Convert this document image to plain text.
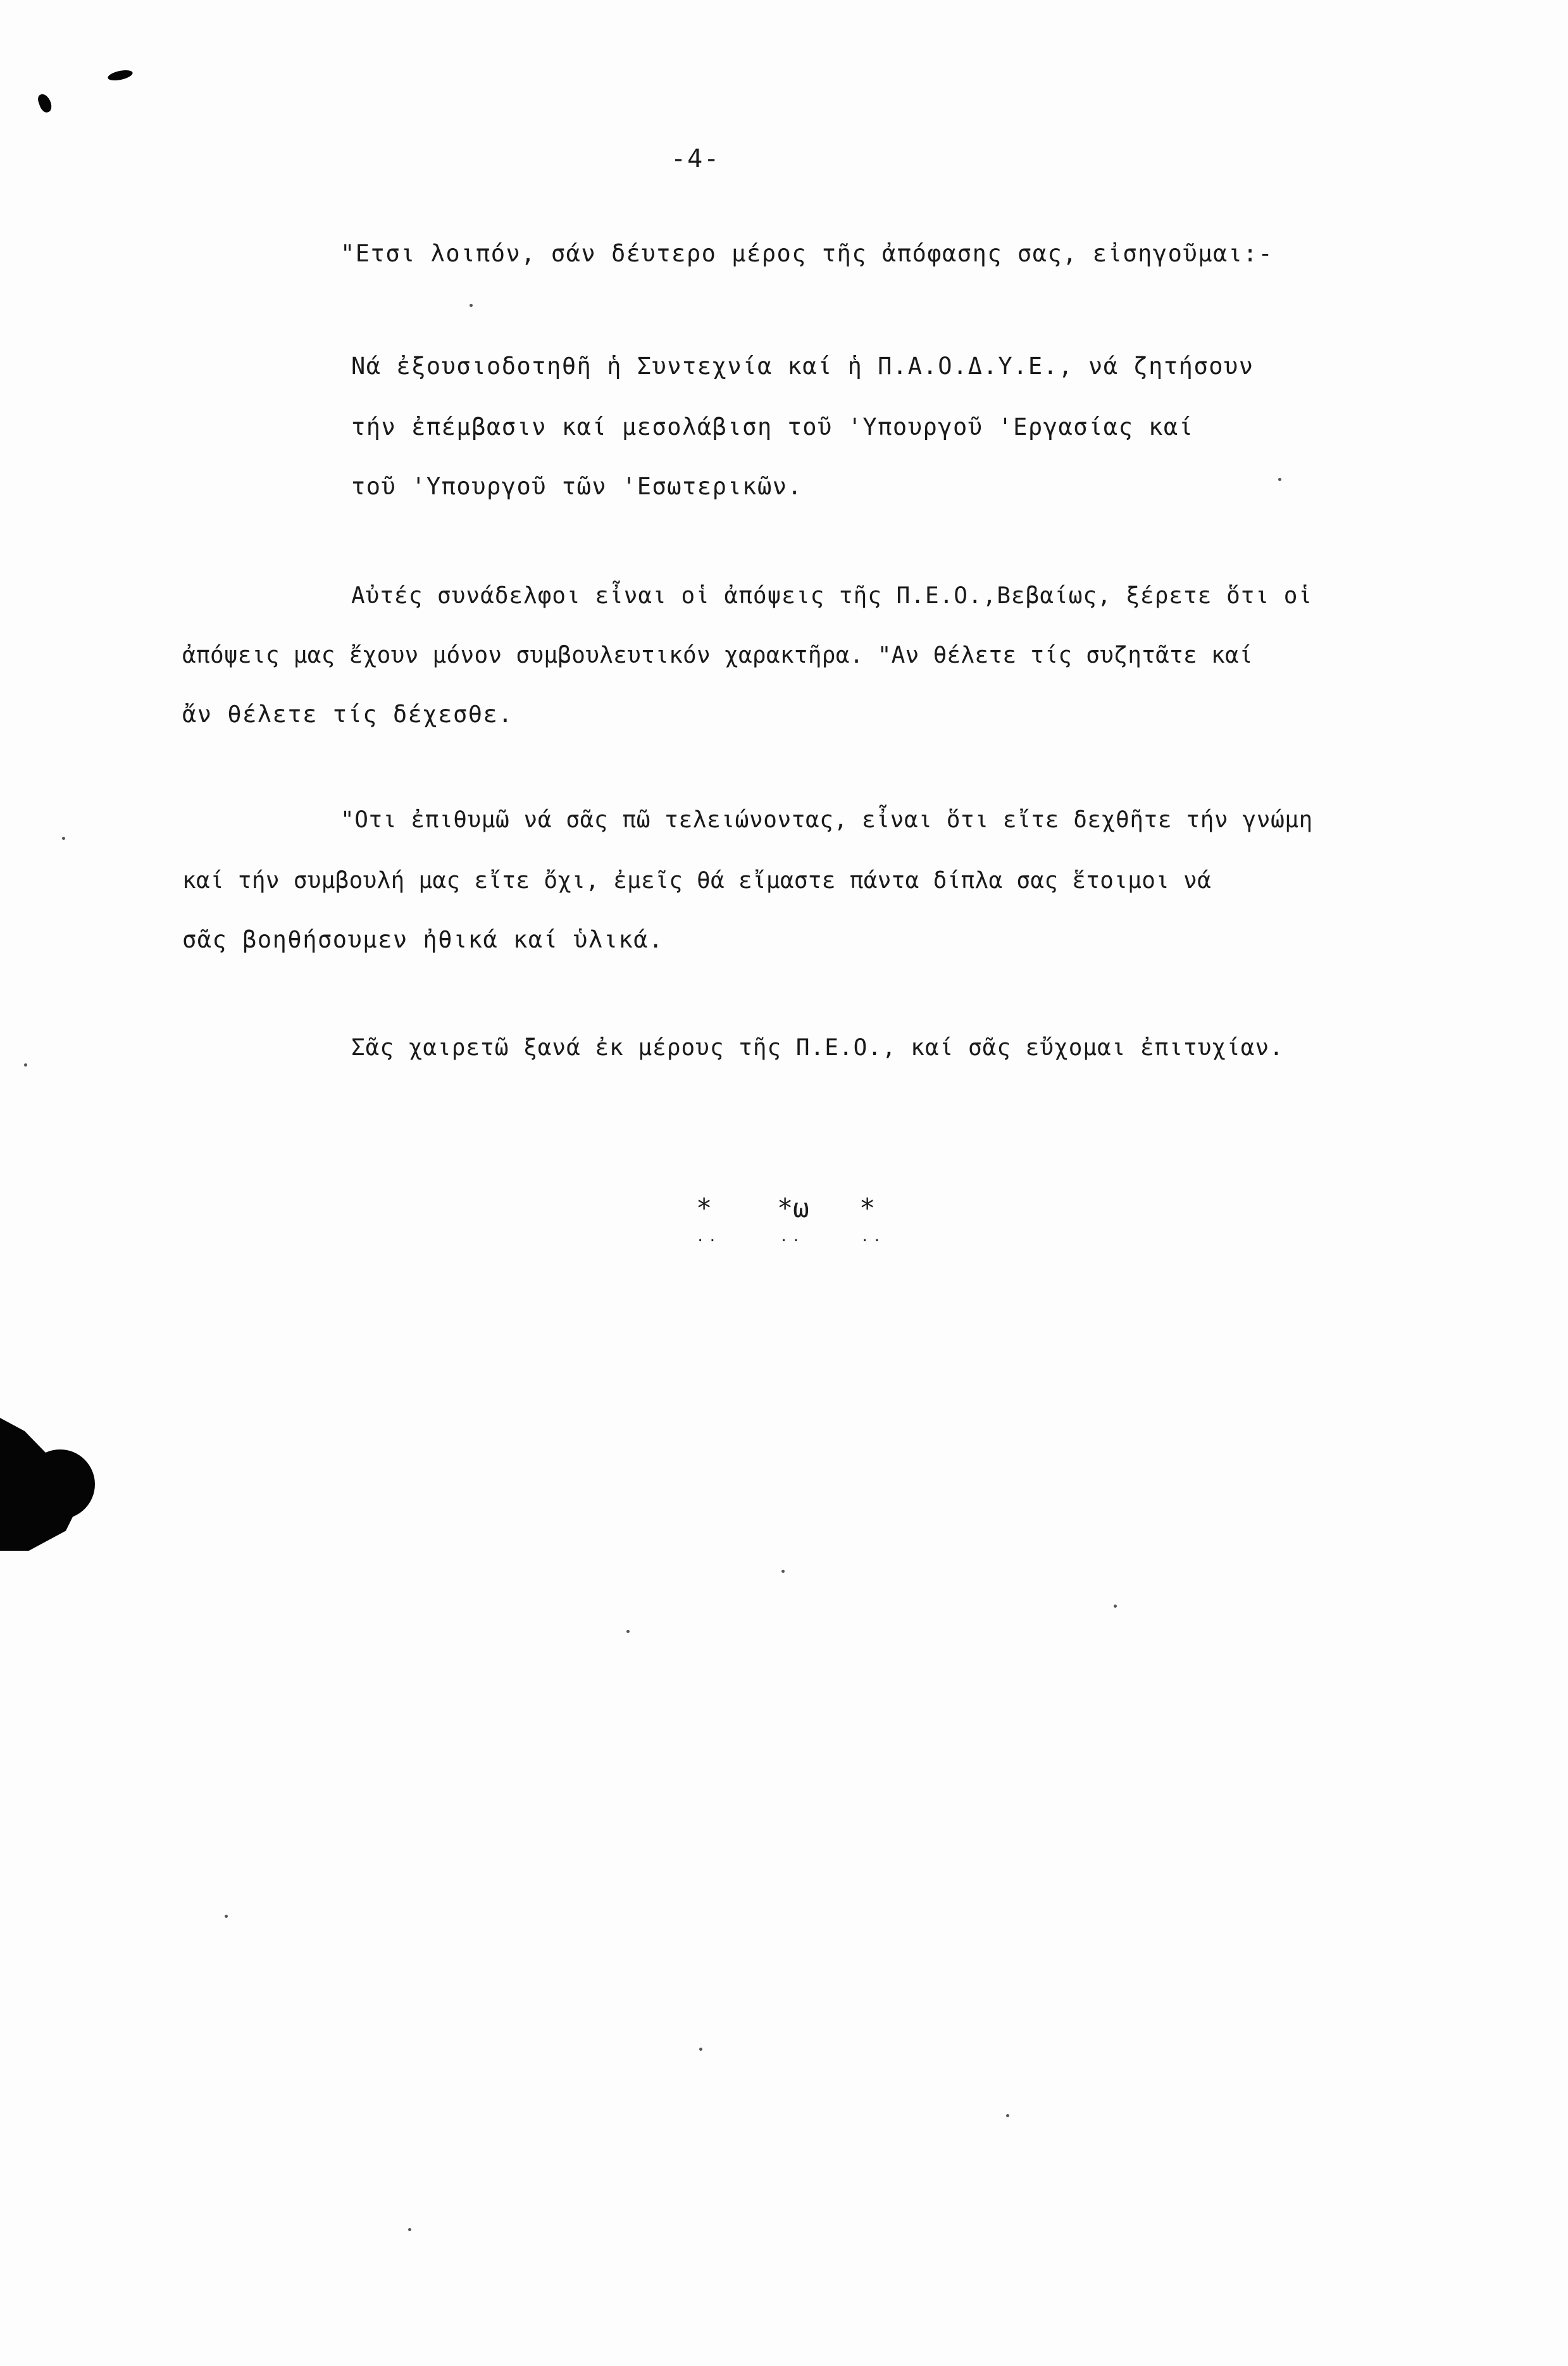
-4-
"Ετσι λοιπόν, σάν δέυτερο μέρος τῆς ἀπόφασης σας, εἰσηγοῦμαι:-
Νά ἐξουσιοδοτηθῆ ἡ Συντεχνία καί ἡ Π.Α.Ο.Δ.Υ.Ε., νά ζητήσουν
τήν ἐπέμβασιν καί μεσολάβιση τοῦ 'Υπουργοῦ 'Εργασίας καί
τοῦ 'Υπουργοῦ τῶν 'Εσωτερικῶν.
Αὐτές συνάδελφοι εἶναι οἱ ἀπόψεις τῆς Π.Ε.Ο.,Βεβαίως, ξέρετε ὅτι οἱ
ἀπόψεις μας ἔχουν μόνον συμβουλευτικόν χαρακτῆρα. "Αν θέλετε τίς συζητᾶτε καί
ἄν θέλετε τίς δέχεσθε.
"Οτι ἐπιθυμῶ νά σᾶς πῶ τελειώνοντας, εἶναι ὅτι εἴτε δεχθῆτε τήν γνώμη
καί τήν συμβουλή μας εἴτε ὄχι, ἐμεῖς θά εἴμαστε πάντα δίπλα σας ἕτοιμοι νά
σᾶς βοηθήσουμεν ἠθικά καί ὑλικά.
Σᾶς χαιρετῶ ξανά ἐκ μέρους τῆς Π.Ε.Ο., καί σᾶς εὔχομαι ἐπιτυχίαν.
* *ω *
..	..	..
